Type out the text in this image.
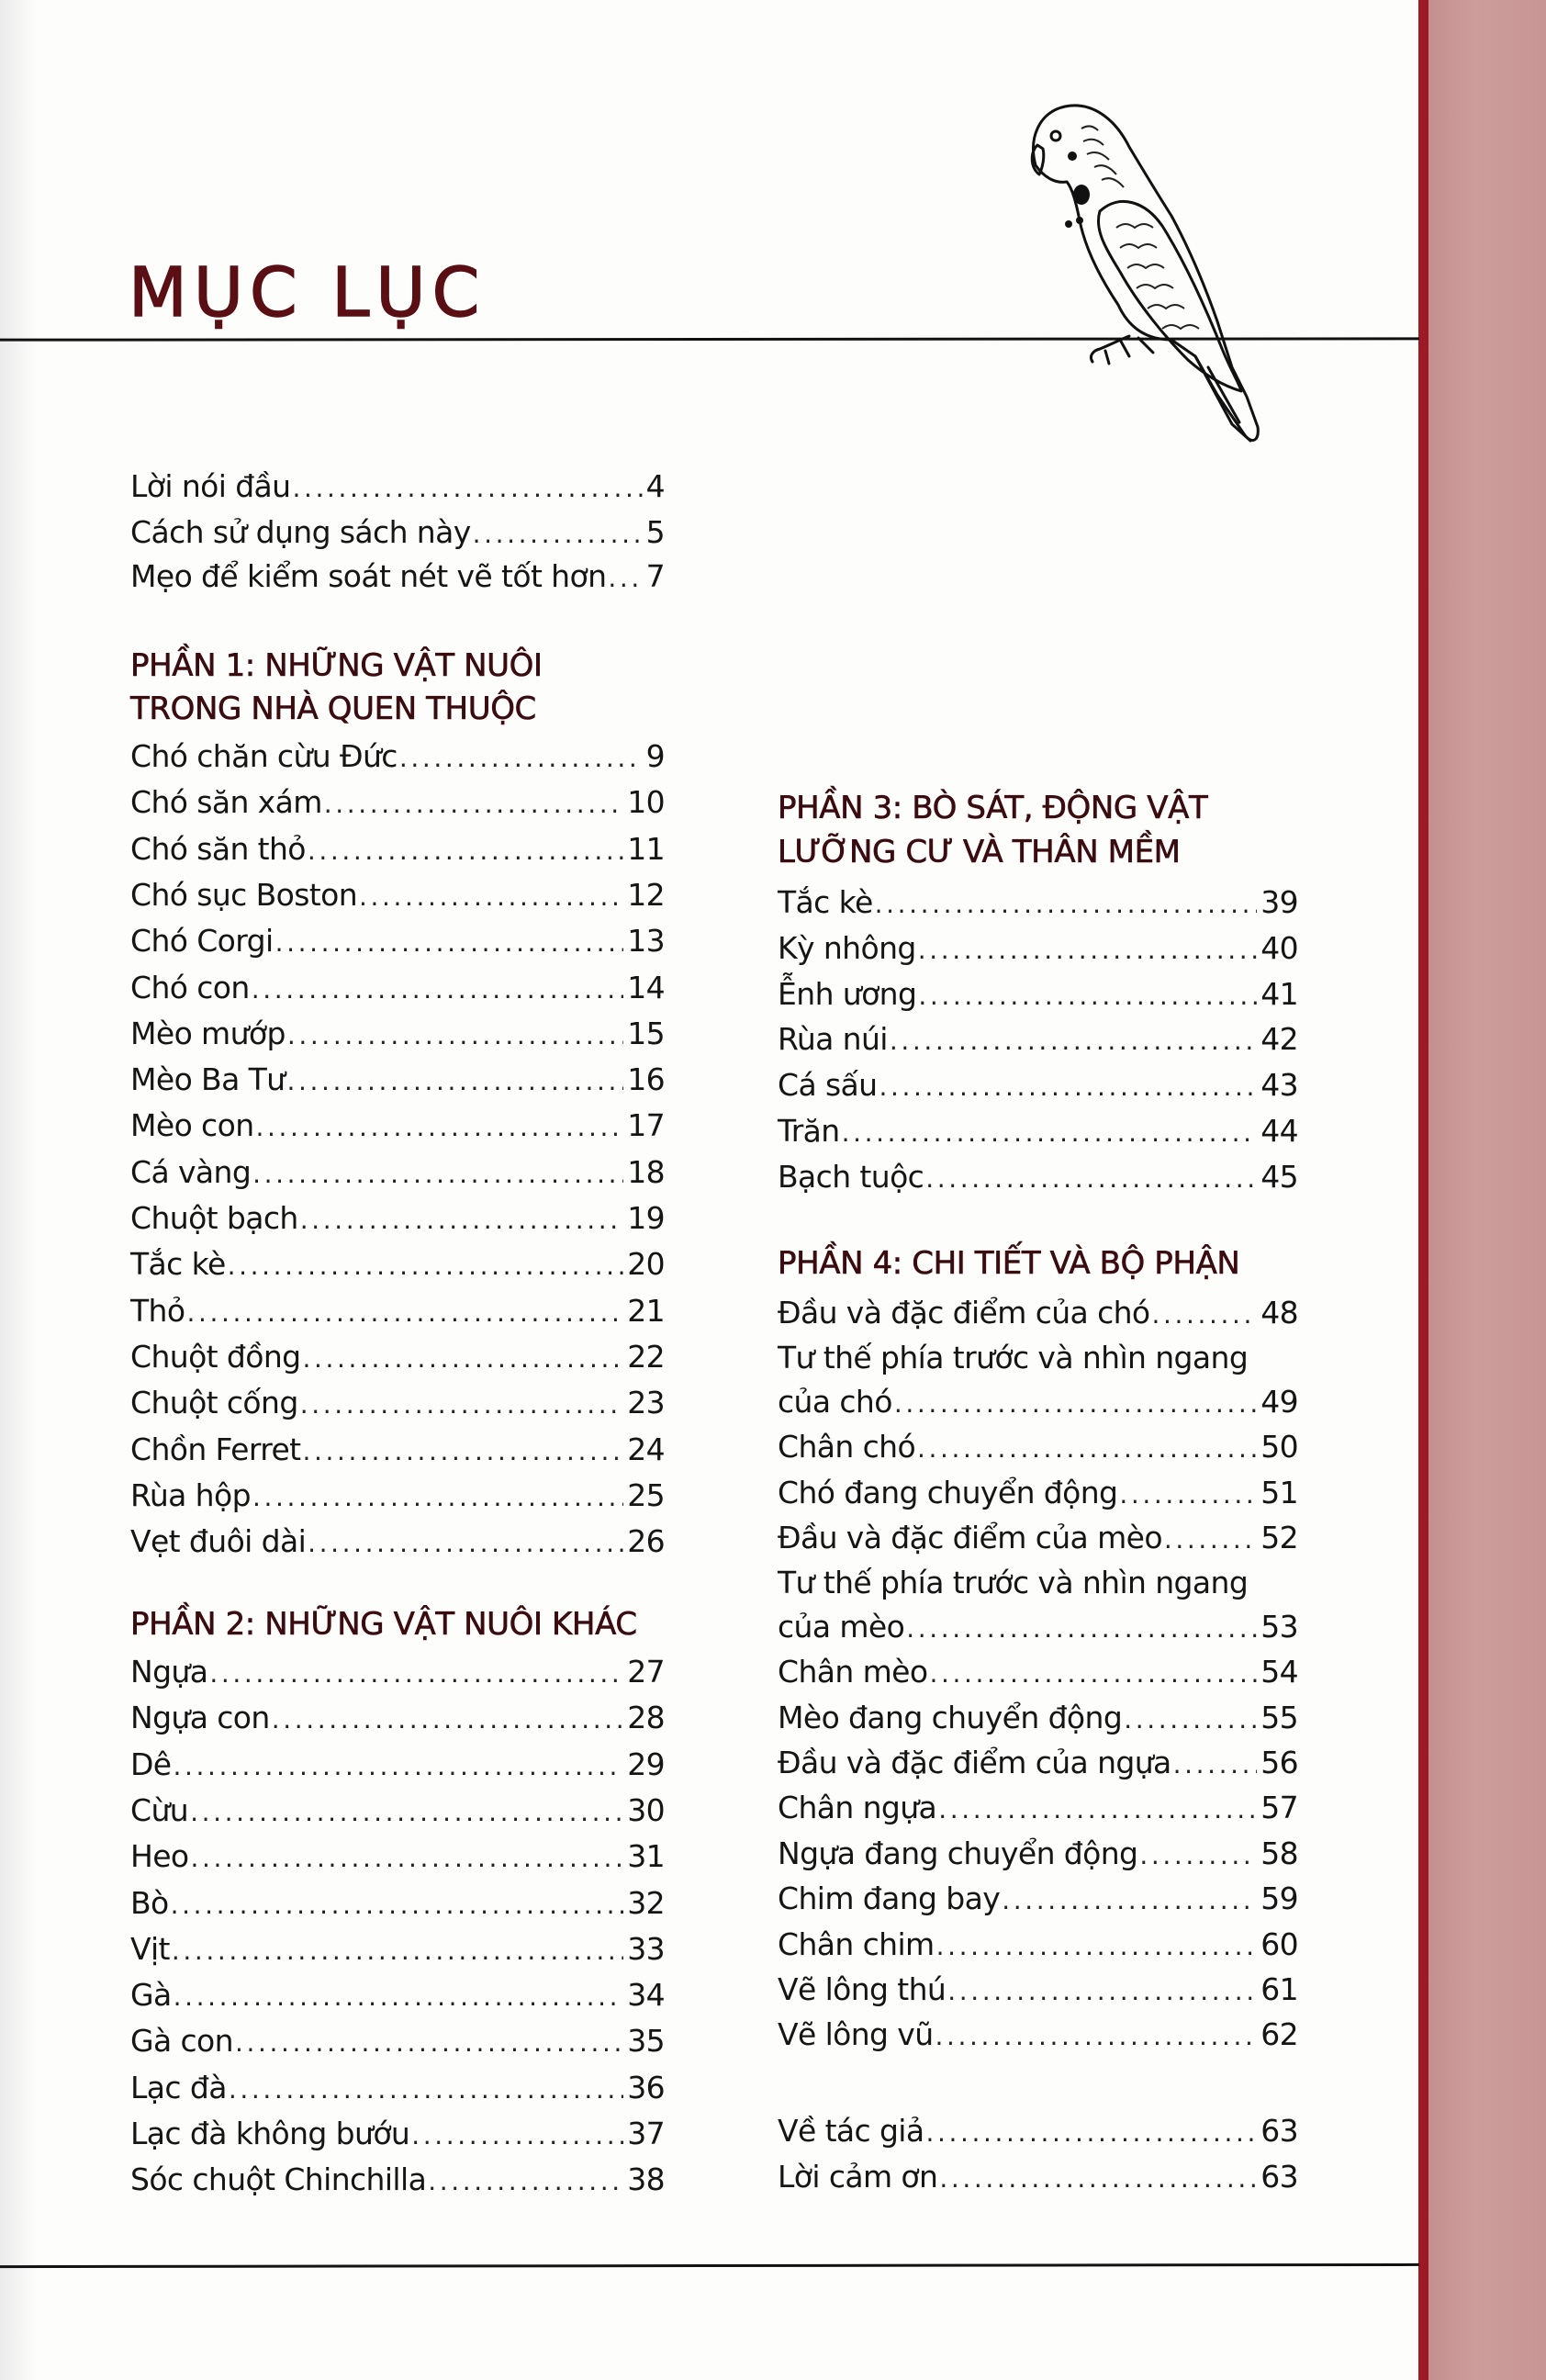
MỤC LỤC
Lời nói đầu .....	4
Cách sử dụng sách này .....	5
Mẹo để kiểm soát nét vẽ tốt hơn ..... 7
PHẦN 1: NHỮNG VẬT NUÔI
TRONG NHÀ QUEN THUỘC
Chó chăn cừu Đức .....	9
Chó săn xám .....	10
Chó săn thỏ .....	11
Chó sục Boston .....	12
Chó Corgi .....	13
Chó con .....	14
Mèo mướp .....	15
Mèo Ba Tư .....	16
Mèo con .....	17
Cá vàng .....	18
Chuột bạch .....	19
Tắc kè .....	20
Thỏ .....	21
Chuột đồng .....	22
Chuột cống .....	23
Chồn Ferret .....	24
Rùa hộp .....	25
Vẹt đuôi dài .....	26
PHẦN 2: NHỮNG VẬT NUÔI KHÁC
Ngựa .....	27
Ngựa con .....	28
Dê .....	29
Cừu .....	30
Heo .....	31
Bò .....	32
Vịt .....	33
Gà .....	34
Gà con .....	35
Lạc đà .....	36
Lạc đà không bướu .....	37
Sóc chuột Chinchilla .....	38
PHẦN 3: BÒ SÁT, ĐỘNG VẬT
LƯỠNG CƯ VÀ THÂN MỀM
Tắc kè .....	39
Kỳ nhông .....	40
Ễnh ương .....	41
Rùa núi .....	42
Cá sấu .....	43
Trăn .....	44
Bạch tuộc .....	45
PHẦN 4: CHI TIẾT VÀ BỘ PHẬN
Đầu và đặc điểm của chó .....	48
Tư thế phía trước và nhìn ngang
của chó .....	49
Chân chó .....	50
Chó đang chuyển động .....	51
Đầu và đặc điểm của mèo .....	52
Tư thế phía trước và nhìn ngang
của mèo .....	53
Chân mèo .....	54
Mèo đang chuyển động .....	55
Đầu và đặc điểm của ngựa .....	56
Chân ngựa .....	57
Ngựa đang chuyển động .....	58
Chim đang bay .....	59
Chân chim .....	60
Vẽ lông thú .....	61
Vẽ lông vũ .....	62
Về tác giả .....	63
Lời cảm ơn .....	63
